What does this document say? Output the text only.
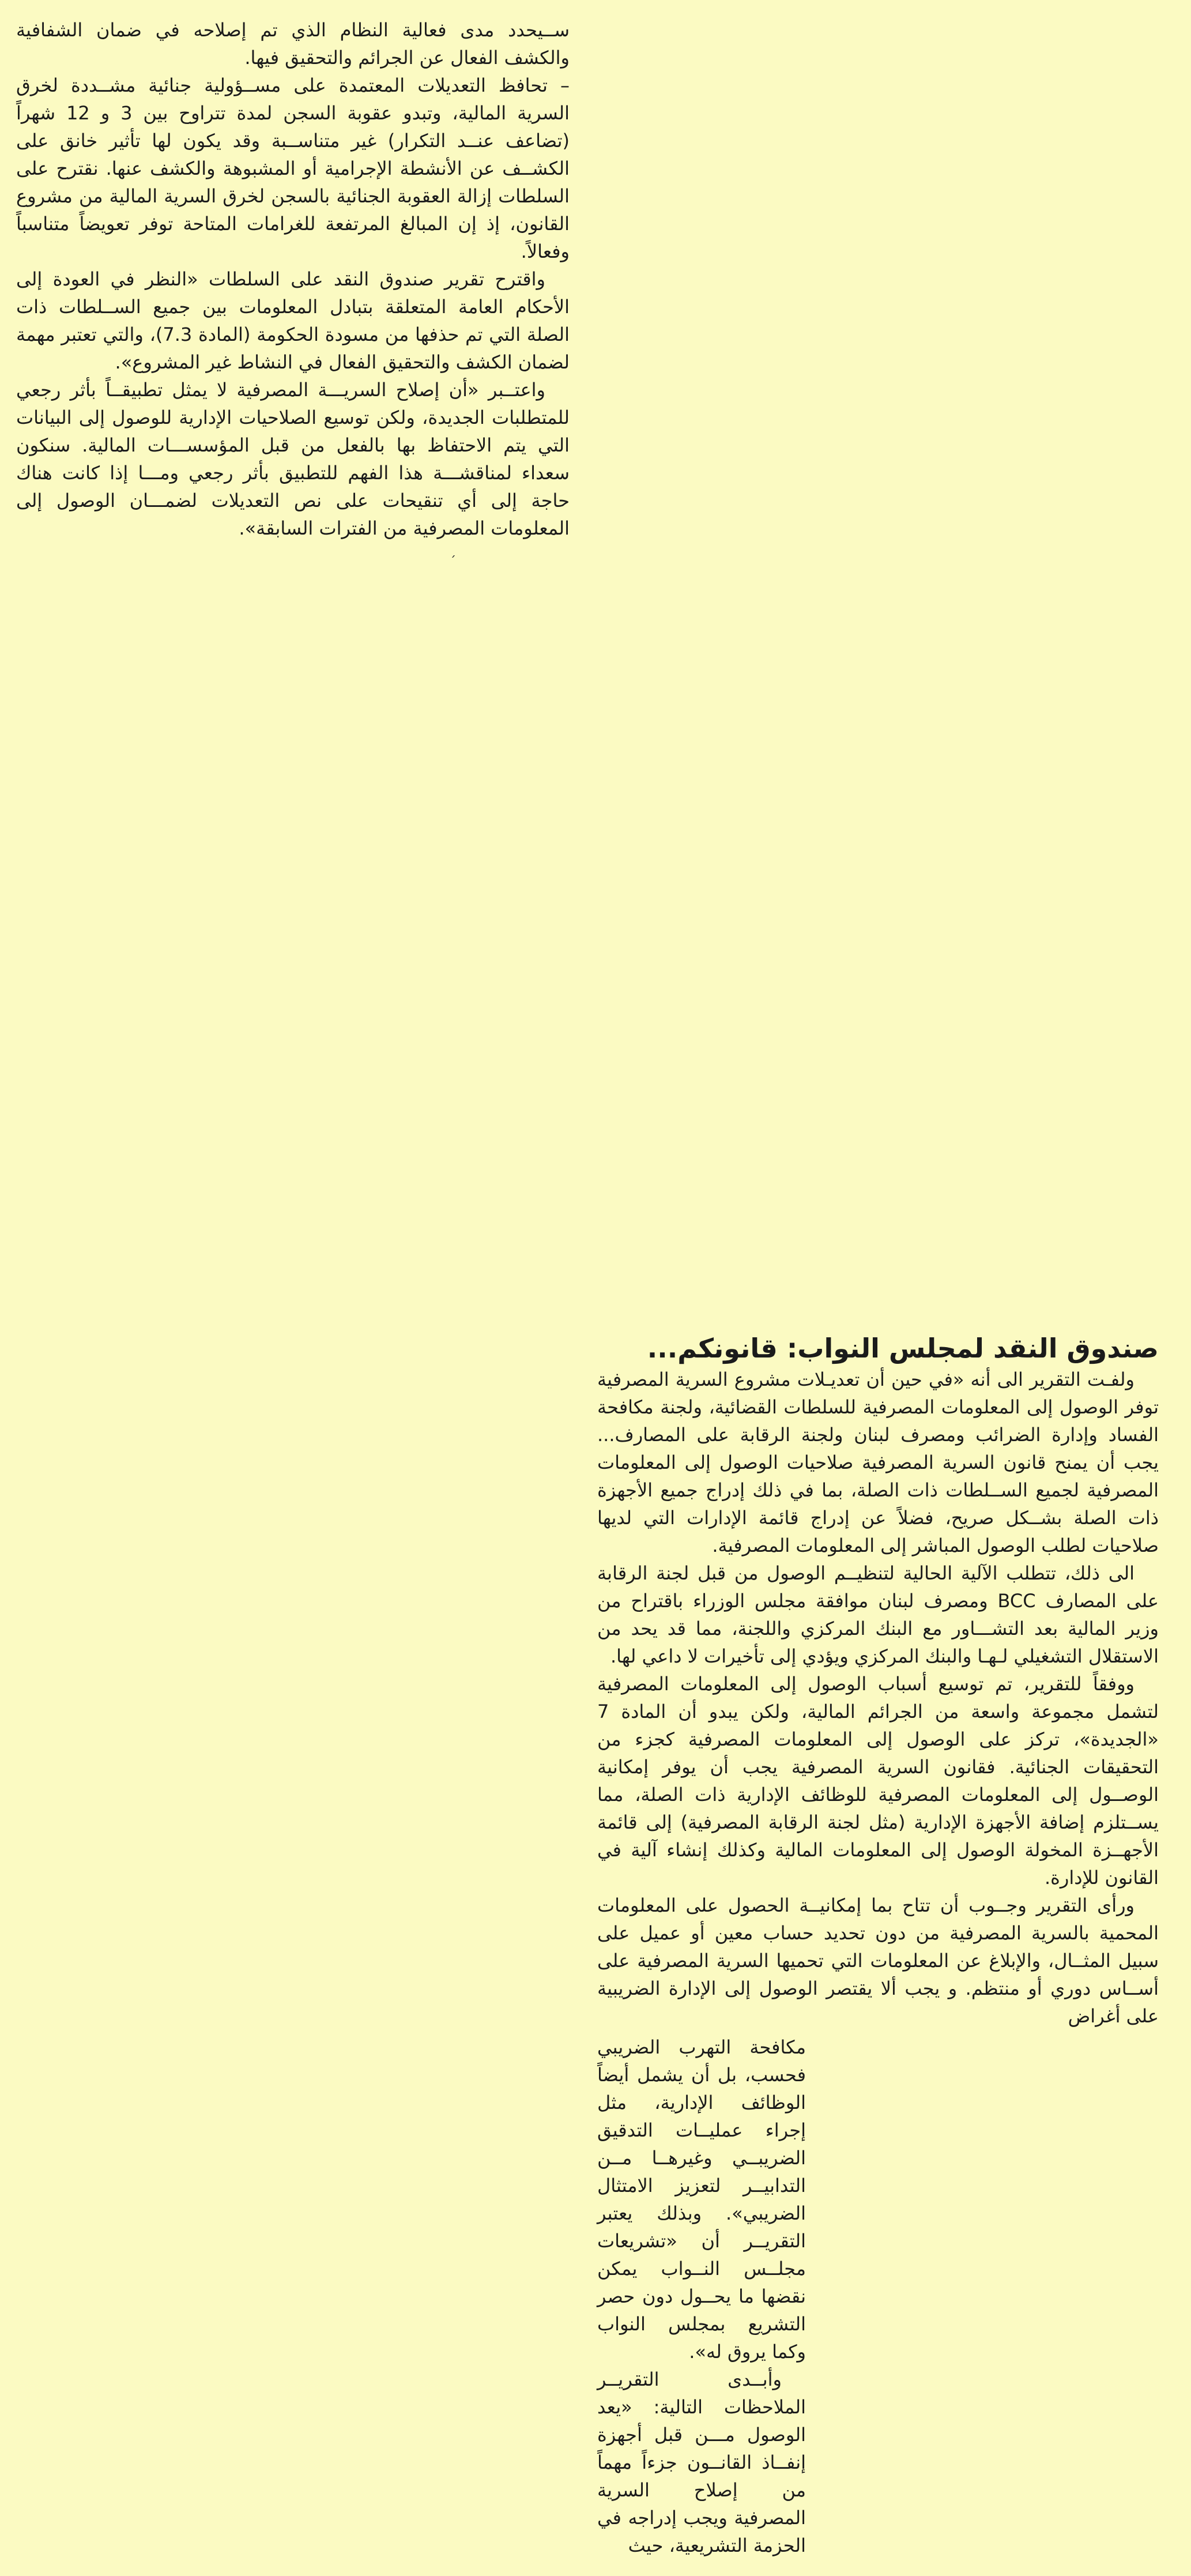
ســيحدد مدى فعالية النظام الذي تم إصلاحه في ضمان الشفافية والكشف الفعال عن الجرائم والتحقيق فيها.

– تحافظ التعديلات المعتمدة على مســؤولية جنائية مشــددة لخرق السرية المالية، وتبدو عقوبة السجن لمدة تتراوح بين 3 و 12 شهراً (تضاعف عنــد التكرار) غير متناســبة وقد يكون لها تأثير خانق على الكشــف عن الأنشطة الإجرامية أو المشبوهة والكشف عنها. نقترح على السلطات إزالة العقوبة الجنائية بالسجن لخرق السرية المالية من مشروع القانون، إذ إن المبالغ المرتفعة للغرامات المتاحة توفر تعويضاً متناسباً وفعالاً.

واقترح تقرير صندوق النقد على السلطات «النظر في العودة إلى الأحكام العامة المتعلقة بتبادل المعلومات بين جميع الســلطات ذات الصلة التي تم حذفها من مسودة الحكومة (المادة 7.3)، والتي تعتبر مهمة لضمان الكشف والتحقيق الفعال في النشاط غير المشروع».

واعتــبر «أن إصلاح السريـــة المصرفية لا يمثل تطبيقــاً بأثر رجعي للمتطلبات الجديدة، ولكن توسيع الصلاحيات الإدارية للوصول إلى البيانات التي يتم الاحتفاظ بها بالفعل من قبل المؤسســـات المالية. سنكون سعداء لمناقشـــة هذا الفهم للتطبيق بأثر رجعي ومـــا إذا كانت هناك حاجة إلى أي تنقيحات على نص التعديلات لضمـــان الوصول إلى المعلومات المصرفية من الفترات السابقة».

ˊ
صندوق النقد لمجلس النواب: قانونكم...

ولفـت التقرير الى أنه «في حين أن تعديـلات مشروع السرية المصرفية توفر الوصول إلى المعلومات المصرفية للسلطات القضائية، ولجنة مكافحة الفساد وإدارة الضرائب ومصرف لبنان ولجنة الرقابة على المصارف... يجب أن يمنح قانون السرية المصرفية صلاحيات الوصول إلى المعلومات المصرفية لجميع الســلطات ذات الصلة، بما في ذلك إدراج جميع الأجهزة ذات الصلة بشــكل صريح، فضلاً عن إدراج قائمة الإدارات التي لديها صلاحيات لطلب الوصول المباشر إلى المعلومات المصرفية.

الى ذلك، تتطلب الآلية الحالية لتنظيــم الوصول من قبل لجنة الرقابة على المصارف BCC ومصرف لبنان موافقة مجلس الوزراء باقتراح من وزير المالية بعد التشـــاور مع البنك المركزي واللجنة، مما قد يحد من الاستقلال التشغيلي لـهـا والبنك المركزي ويؤدي إلى تأخيرات لا داعي لها.

ووفقاً للتقرير، تم توسيع أسباب الوصول إلى المعلومات المصرفية لتشمل مجموعة واسعة من الجرائم المالية، ولكن يبدو أن المادة 7 «الجديدة»، تركز على الوصول إلى المعلومات المصرفية كجزء من التحقيقات الجنائية. فقانون السرية المصرفية يجب أن يوفر إمكانية الوصــول إلى المعلومات المصرفية للوظائف الإدارية ذات الصلة، مما يســتلزم إضافة الأجهزة الإدارية (مثل لجنة الرقابة المصرفية) إلى قائمة الأجهــزة المخولة الوصول إلى المعلومات المالية وكذلك إنشاء آلية في القانون للإدارة.

ورأى التقرير وجــوب أن تتاح بما إمكانيــة الحصول على المعلومات المحمية بالسرية المصرفية من دون تحديد حساب معين أو عميل على سبيل المثــال، والإبلاغ عن المعلومات التي تحميها السرية المصرفية على أســاس دوري أو منتظم. و يجب ألا يقتصر الوصول إلى الإدارة الضريبية على أغراض

مكافحة التهرب الضريبي فحسب، بل أن يشمل أيضاً الوظائف الإدارية، مثل إجراء عمليــات التدقيق الضريبــي وغيرهــا مــن التدابيــر لتعزيز الامتثال الضريبي». وبذلك يعتبر التقريــر أن «تشريعات مجلــس النــواب يمكن نقضها ما يحــول دون حصر التشريع بمجلس النواب وكما يروق له».

وأبــدى التقريــر الملاحظات التالية: «يعد الوصول مـــن قبل أجهزة إنفــاذ القانــون جزءاً مهماً من إصلاح السرية المصرفية ويجب إدراجه في الحزمة التشريعية، حيث
